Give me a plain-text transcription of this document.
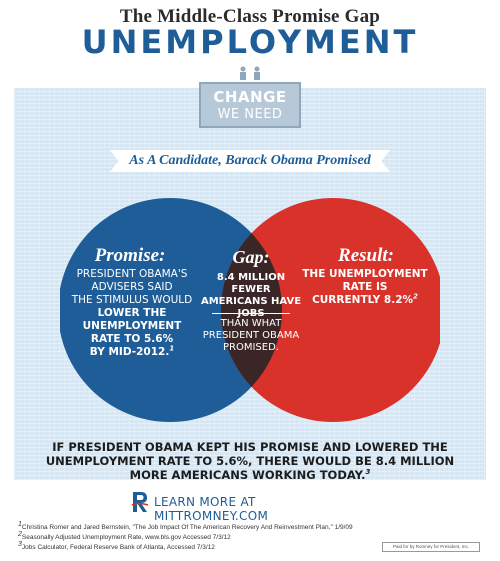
The Middle-Class Promise Gap
UNEMPLOYMENT
CHANGE
WE NEED
As A Candidate, Barack Obama Promised
Promise:
PRESIDENT OBAMA'S
ADVISERS SAID
THE STIMULUS WOULD
LOWER THE
UNEMPLOYMENT
RATE TO 5.6%
BY MID-2012.$^1$
Gap:
8.4 MILLION FEWER
AMERICANS HAVE
THAN WHAT
PRESIDENT OBAMA
PROMISED.
Result:
THE UNEMPLOYMENT
RATE IS
CURRENTLY 8.2%$^2$
IF PRESIDENT OBAMA KEPT HIS PROMISE AND LOWERED THE
UNEMPLOYMENT RATE TO 5.6%, THERE WOULD BE 8.4 MILLION
MORE AMERICANS WORKING TODAY.$^3$
LEARN MORE AT MITTROMNEY.COM
1Christina Romer and Jared Bernstein, "The Job Impact Of The American Recovery And Reinvestment Plan," 1/9/09
2Seasonally Adjusted Unemployment Rate, www.bls.gov Accessed 7/3/12
3Jobs Calculator, Federal Reserve Bank of Atlanta, Accessed 7/3/12	Paid for by Romney for President, Inc.
